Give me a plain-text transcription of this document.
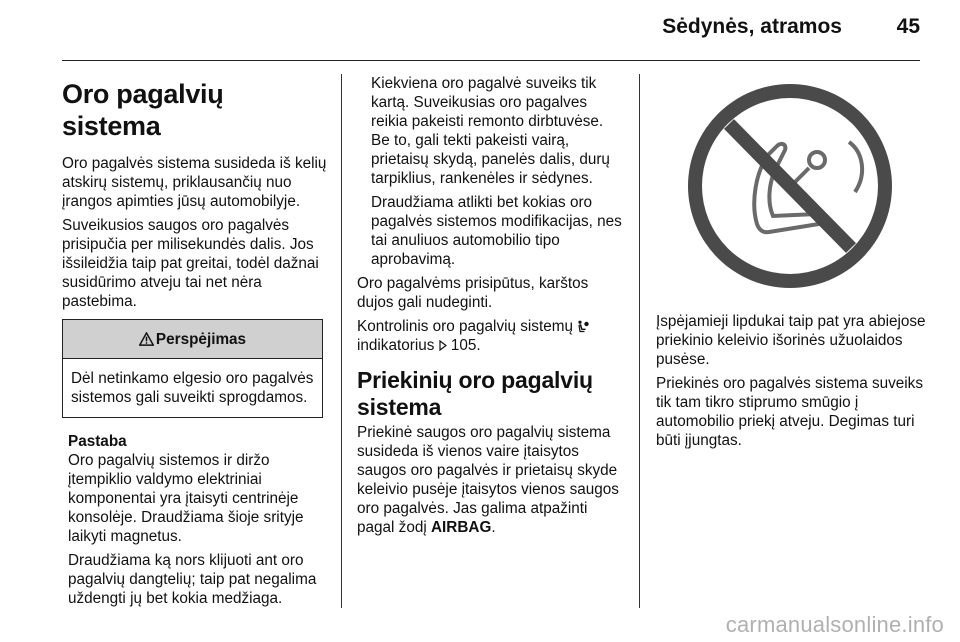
Sėdynės, atramos	45
Oro pagalvių sistema

Oro pagalvės sistema susideda iš kelių atskirų sistemų, priklausančių nuo įrangos apimties jūsų automobilyje.

Suveikusios saugos oro pagalvės prisipučia per milisekundės dalis. Jos išsileidžia taip pat greitai, todėl dažnai susidūrimo atveju tai net nėra pastebima.

Perspėjimas
Dėl netinkamo elgesio oro pagalvės sistemos gali suveikti sprogdamos.
Pastaba

Oro pagalvių sistemos ir diržo įtempiklio valdymo elektriniai komponentai yra įtaisyti centrinėje konsolėje. Draudžiama šioje srityje laikyti magnetus.

Draudžiama ką nors klijuoti ant oro pagalvių dangtelių; taip pat negalima uždengti jų bet kokia medžiaga.

Kiekviena oro pagalvė suveiks tik kartą. Suveikusias oro pagalves reikia pakeisti remonto dirbtuvėse. Be to, gali tekti pakeisti vairą, prietaisų skydą, panelės dalis, durų tarpiklius, rankenėles ir sėdynes.

Draudžiama atlikti bet kokias oro pagalvės sistemos modifikacijas, nes tai anuliuos automobilio tipo aprobavimą.

Oro pagalvėms prisipūtus, karštos dujos gali nudeginti.

Kontrolinis oro pagalvių sistemų
indikatorius 105.

Priekinių oro pagalvių sistema

Priekinė saugos oro pagalvių sistema susideda iš vienos vaire įtaisytos saugos oro pagalvės ir prietaisų skyde keleivio pusėje įtaisytos vienos saugos oro pagalvės. Jas galima atpažinti pagal žodį AIRBAG.

Įspėjamieji lipdukai taip pat yra abiejose priekinio keleivio išorinės užuolaidos pusėse.

Priekinės oro pagalvės sistema suveiks tik tam tikro stiprumo smūgio į automobilio priekį atveju. Degimas turi būti įjungtas.

carmanualsonline.info
